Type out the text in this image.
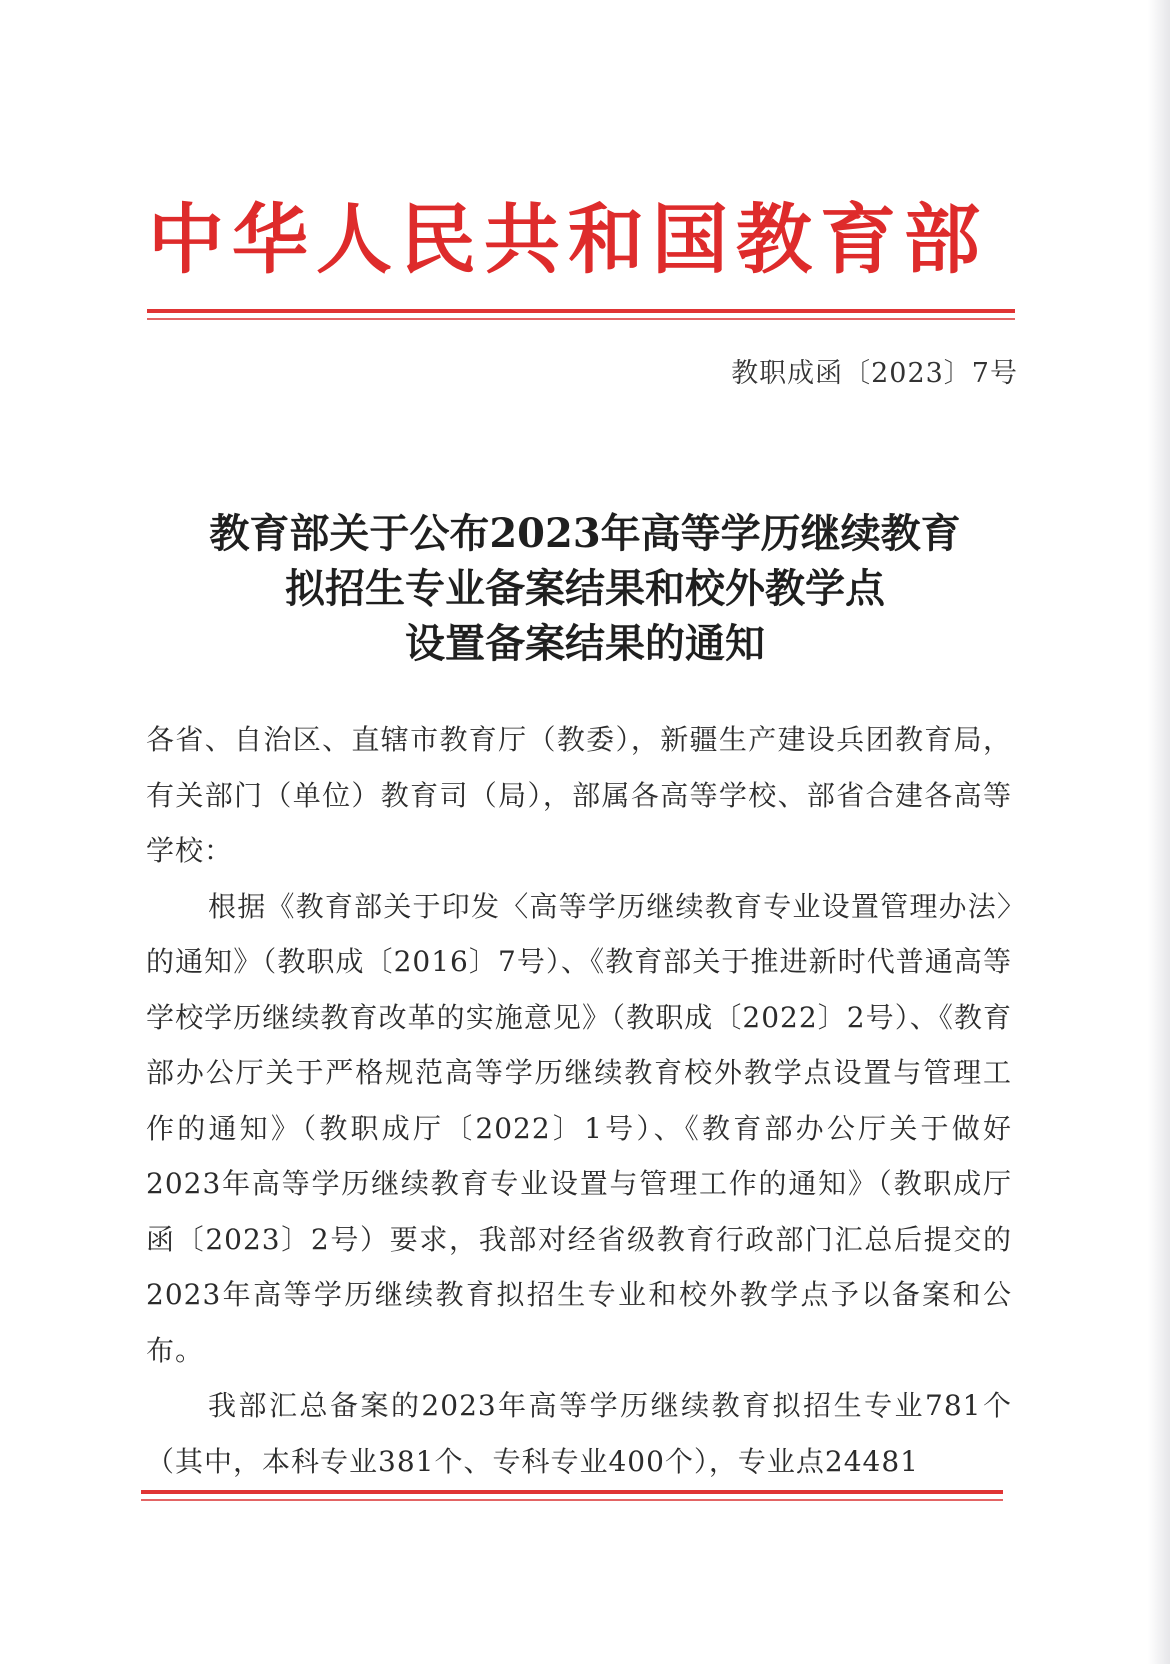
中华人民共和国教育部
教职成函〔2023〕7号
教育部关于公布2023年高等学历继续教育
拟招生专业备案结果和校外教学点
设置备案结果的通知

各省、自治区、直辖市教育厅（教委），新疆生产建设兵团教育局，有关部门（单位）教育司（局），部属各高等学校、部省合建各高等学校：

根据《教育部关于印发〈高等学历继续教育专业设置管理办法〉的通知》（教职成〔2016〕7号）、《教育部关于推进新时代普通高等学校学历继续教育改革的实施意见》（教职成〔2022〕2号）、《教育部办公厅关于严格规范高等学历继续教育校外教学点设置与管理工作的通知》（教职成厅〔2022〕1号）、《教育部办公厅关于做好2023年高等学历继续教育专业设置与管理工作的通知》（教职成厅函〔2023〕2号）要求，我部对经省级教育行政部门汇总后提交的2023年高等学历继续教育拟招生专业和校外教学点予以备案和公布。

我部汇总备案的2023年高等学历继续教育拟招生专业781个（其中，本科专业381个、专科专业400个），专业点24481
